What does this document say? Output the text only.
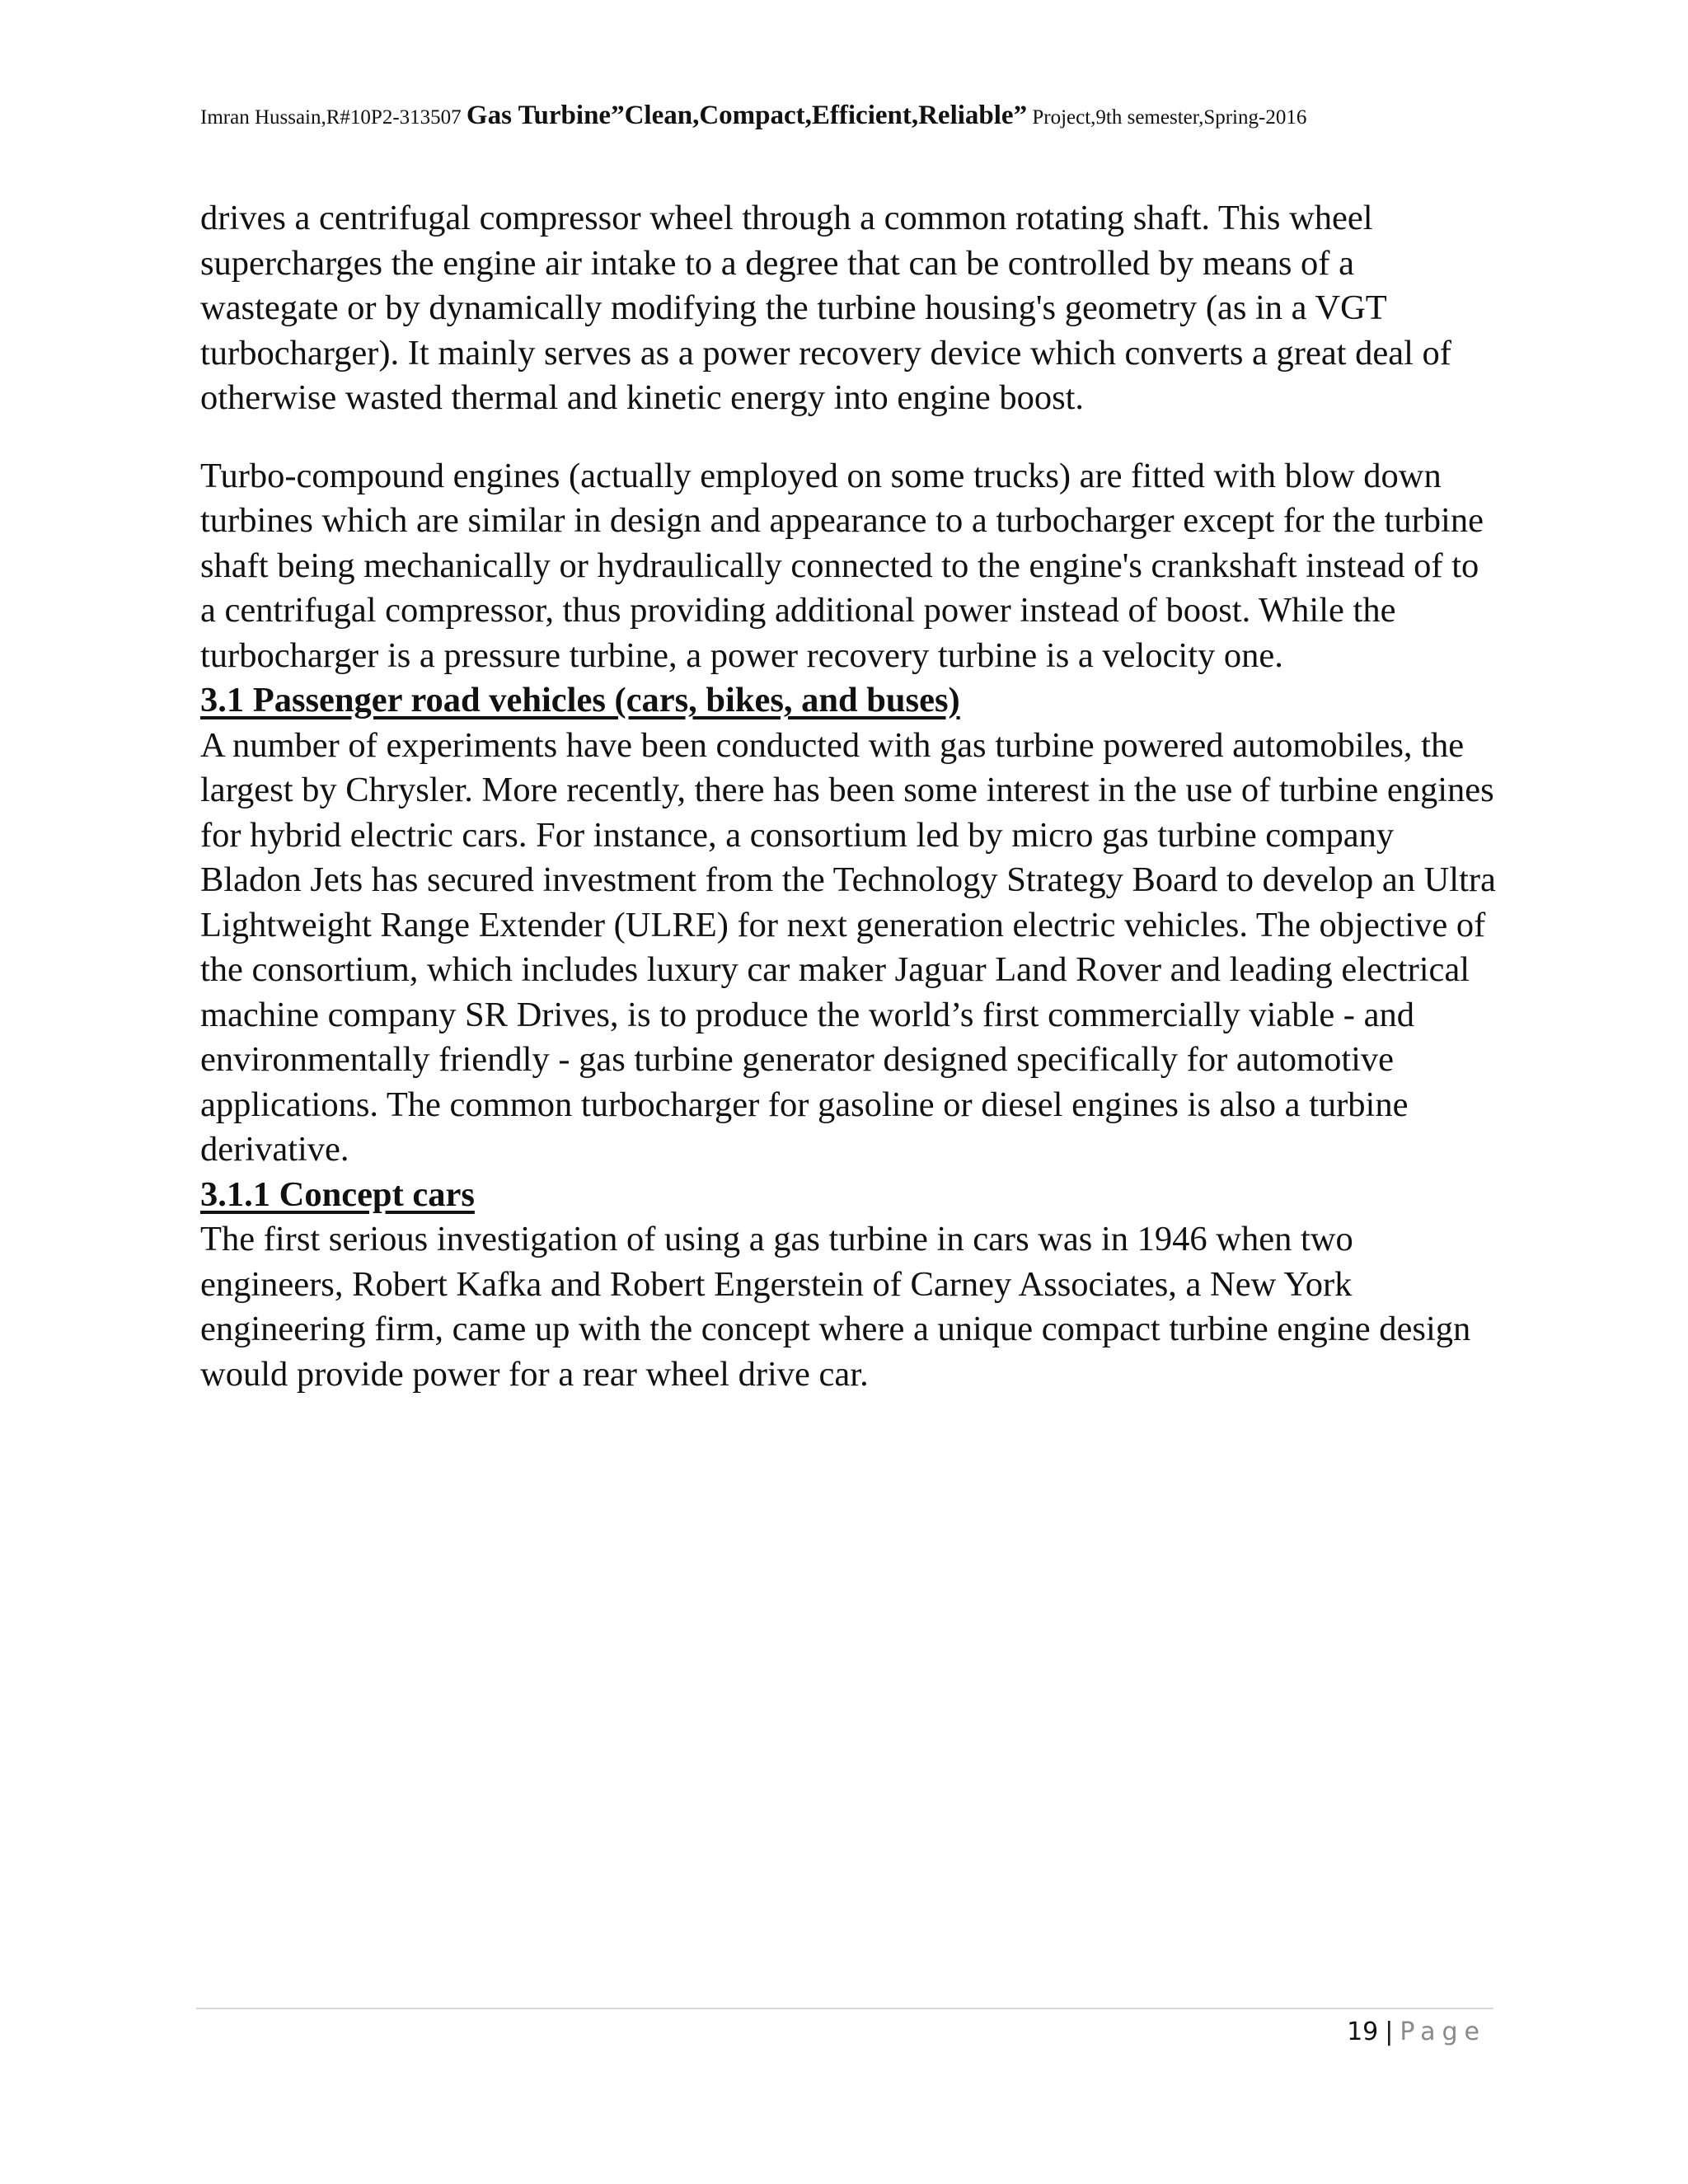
Imran Hussain,R#10P2-313507 Gas Turbine”Clean,Compact,Efficient,Reliable” Project,9th semester,Spring-2016

drives a centrifugal compressor wheel through a common rotating shaft. This wheel supercharges the engine air intake to a degree that can be controlled by means of a wastegate or by dynamically modifying the turbine housing's geometry (as in a VGT turbocharger). It mainly serves as a power recovery device which converts a great deal of otherwise wasted thermal and kinetic energy into engine boost.

Turbo-compound engines (actually employed on some trucks) are fitted with blow down turbines which are similar in design and appearance to a turbocharger except for the turbine shaft being mechanically or hydraulically connected to the engine's crankshaft instead of to a centrifugal compressor, thus providing additional power instead of boost. While the turbocharger is a pressure turbine, a power recovery turbine is a velocity one.

3.1 Passenger road vehicles (cars, bikes, and buses)

A number of experiments have been conducted with gas turbine powered automobiles, the largest by Chrysler. More recently, there has been some interest in the use of turbine engines for hybrid electric cars. For instance, a consortium led by micro gas turbine company Bladon Jets has secured investment from the Technology Strategy Board to develop an Ultra Lightweight Range Extender (ULRE) for next generation electric vehicles. The objective of the consortium, which includes luxury car maker Jaguar Land Rover and leading electrical machine company SR Drives, is to produce the world’s first commercially viable - and environmentally friendly - gas turbine generator designed specifically for automotive applications. The common turbocharger for gasoline or diesel engines is also a turbine derivative.

3.1.1 Concept cars

The first serious investigation of using a gas turbine in cars was in 1946 when two engineers, Robert Kafka and Robert Engerstein of Carney Associates, a New York engineering firm, came up with the concept where a unique compact turbine engine design would provide power for a rear wheel drive car.

19 | Page
